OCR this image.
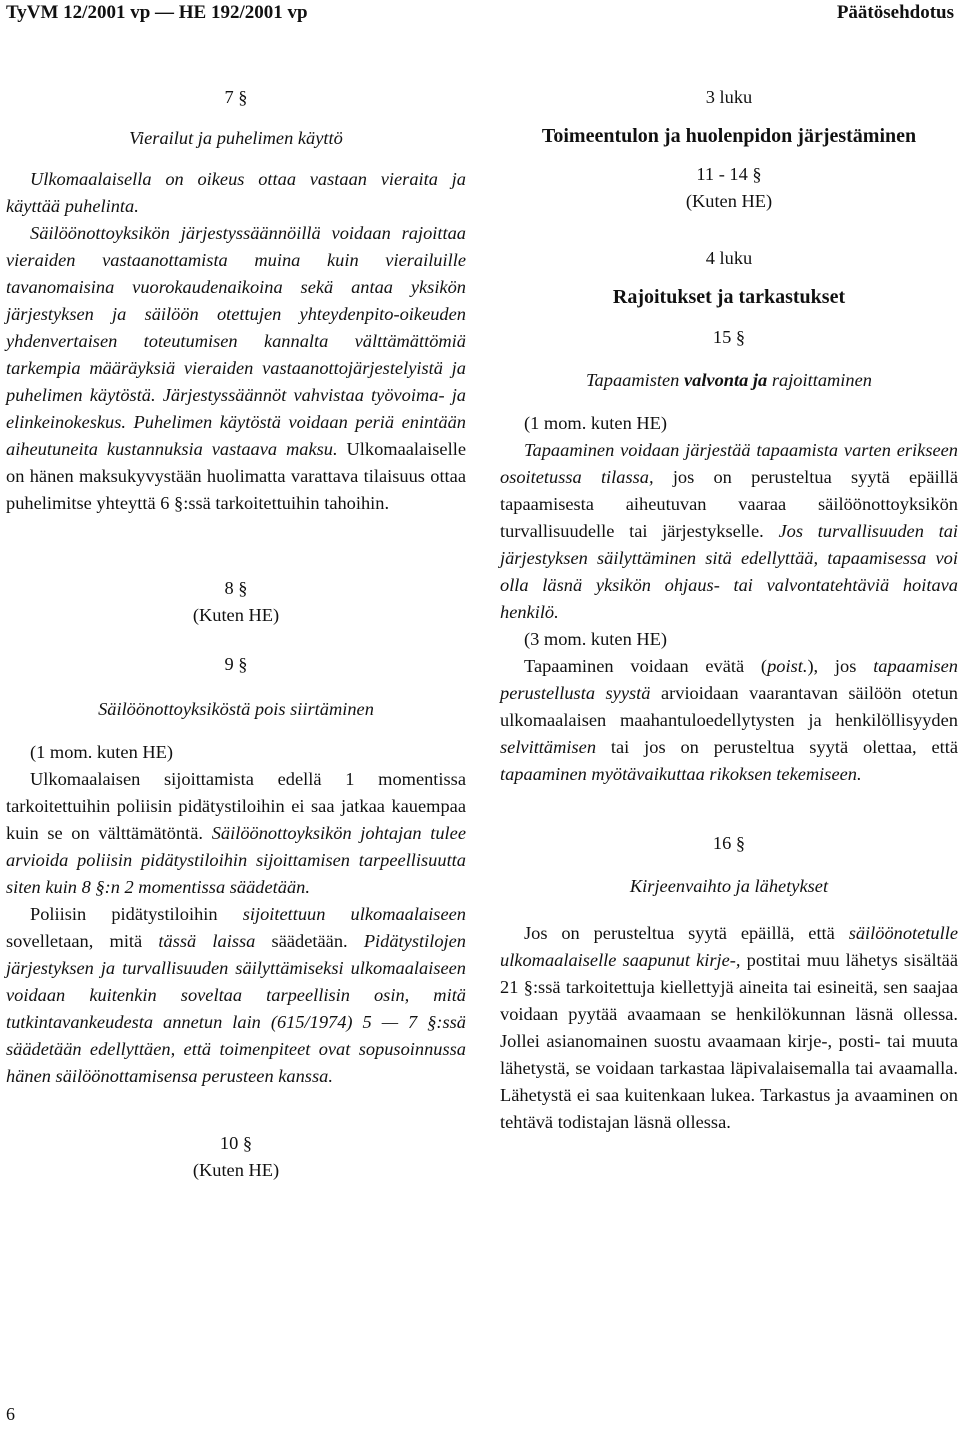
TyVM 12/2001 vp — HE 192/2001 vp	Päätösehdotus

7 §

Vierailut ja puhelimen käyttö

Ulkomaalaisella on oikeus ottaa vastaan vieraita ja käyttää puhelinta.

Säilöönottoyksikön järjestyssäännöillä voidaan rajoittaa vieraiden vastaanottamista muina kuin vierailuille tavanomaisina vuorokaudenaikoina sekä antaa yksikön järjestyksen ja säilöön otettujen yhteydenpito-oikeuden yhdenvertaisen toteutumisen kannalta välttämättömiä tarkempia määräyksiä vieraiden vastaanottojärjestelyistä ja puhelimen käytöstä. Järjestyssäännöt vahvistaa työvoima- ja elinkeinokeskus. Puhelimen käytöstä voidaan periä enintään aiheutuneita kustannuksia vastaava maksu. Ulkomaalaiselle on hänen maksukyvystään huolimatta varattava tilaisuus ottaa puhelimitse yhteyttä 6 §:ssä tarkoitettuihin tahoihin.

8 §

(Kuten HE)

9 §

Säilöönottoyksiköstä pois siirtäminen

(1 mom. kuten HE)

Ulkomaalaisen sijoittamista edellä 1 momentissa tarkoitettuihin poliisin pidätystiloihin ei saa jatkaa kauempaa kuin se on välttämätöntä. Säilöönottoyksikön johtajan tulee arvioida poliisin pidätystiloihin sijoittamisen tarpeellisuutta siten kuin 8 §:n 2 momentissa säädetään.

Poliisin pidätystiloihin sijoitettuun ulkomaalaiseen sovelletaan, mitä tässä laissa säädetään. Pidätystilojen järjestyksen ja turvallisuuden säilyttämiseksi ulkomaalaiseen voidaan kuitenkin soveltaa tarpeellisin osin, mitä tutkintavankeudesta annetun lain (615/1974) 5 — 7 §:ssä säädetään edellyttäen, että toimenpiteet ovat sopusoinnussa hänen säilöönottamisensa perusteen kanssa.

10 §

(Kuten HE)

3 luku

Toimeentulon ja huolenpidon järjestäminen

11 - 14 §

(Kuten HE)

4 luku

Rajoitukset ja tarkastukset

15 §

Tapaamisten valvonta ja rajoittaminen

(1 mom. kuten HE)

Tapaaminen voidaan järjestää tapaamista varten erikseen osoitetussa tilassa, jos on perusteltua syytä epäillä tapaamisesta aiheutuvan vaaraa säilöönottoyksikön turvallisuudelle tai järjestykselle. Jos turvallisuuden tai järjestyksen säilyttäminen sitä edellyttää, tapaamisessa voi olla läsnä yksikön ohjaus- tai valvontatehtäviä hoitava henkilö.

(3 mom. kuten HE)

Tapaaminen voidaan evätä (poist.), jos tapaamisen perustellusta syystä arvioidaan vaarantavan säilöön otetun ulkomaalaisen maahantuloedellytysten ja henkilöllisyyden selvittämisen tai jos on perusteltua syytä olettaa, että tapaaminen myötävaikuttaa rikoksen tekemiseen.

16 §

Kirjeenvaihto ja lähetykset

Jos on perusteltua syytä epäillä, että säilöönotetulle ulkomaalaiselle saapunut kirje-, postitai muu lähetys sisältää 21 §:ssä tarkoitettuja kiellettyjä aineita tai esineitä, sen saajaa voidaan pyytää avaamaan se henkilökunnan läsnä ollessa. Jollei asianomainen suostu avaamaan kirje-, posti- tai muuta lähetystä, se voidaan tarkastaa läpivalaisemalla tai avaamalla. Lähetystä ei saa kuitenkaan lukea. Tarkastus ja avaaminen on tehtävä todistajan läsnä ollessa.

6
